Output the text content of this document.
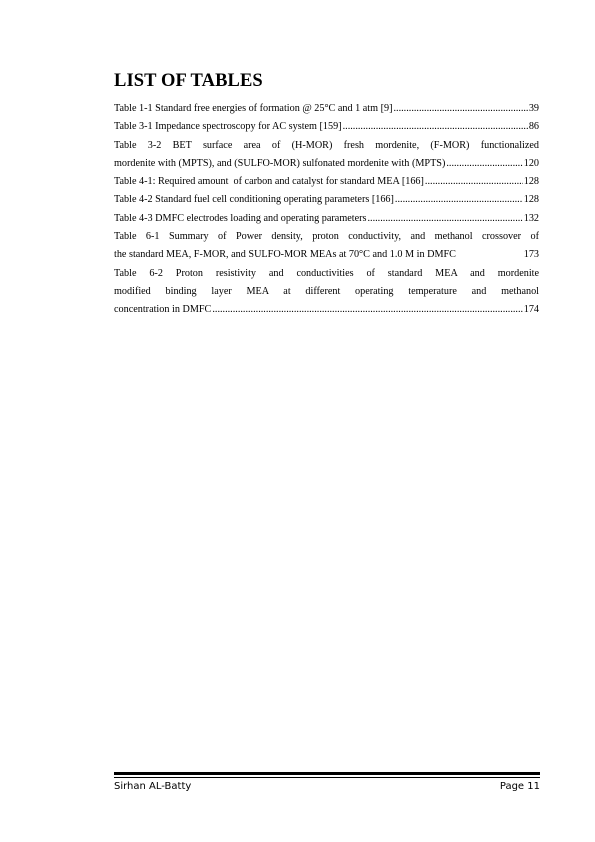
LIST OF TABLES
Table 1-1 Standard free energies of formation @ 25°C and 1 atm [9] .....	39
Table 3-1 Impedance spectroscopy for AC system [159] .....	86
Table 3-2 BET surface area of (H-MOR) fresh mordenite, (F-MOR) functionalized
mordenite with (MPTS), and (SULFO-MOR) sulfonated mordenite with (MPTS) .....	120
Table 4-1: Required amount  of carbon and catalyst for standard MEA [166] .....	128
Table 4-2 Standard fuel cell conditioning operating parameters [166] .....	128
Table 4-3 DMFC electrodes loading and operating parameters .....	132
Table 6-1 Summary of Power density, proton conductivity, and methanol crossover of
the standard MEA, F-MOR, and SULFO-MOR MEAs at 70°C and 1.0 M in DMFC	173
Table 6-2 Proton resistivity and conductivities of standard MEA and mordenite
modified binding layer MEA at different operating temperature and methanol
concentration in DMFC .....	174
Sirhan AL-Batty	Page 11
